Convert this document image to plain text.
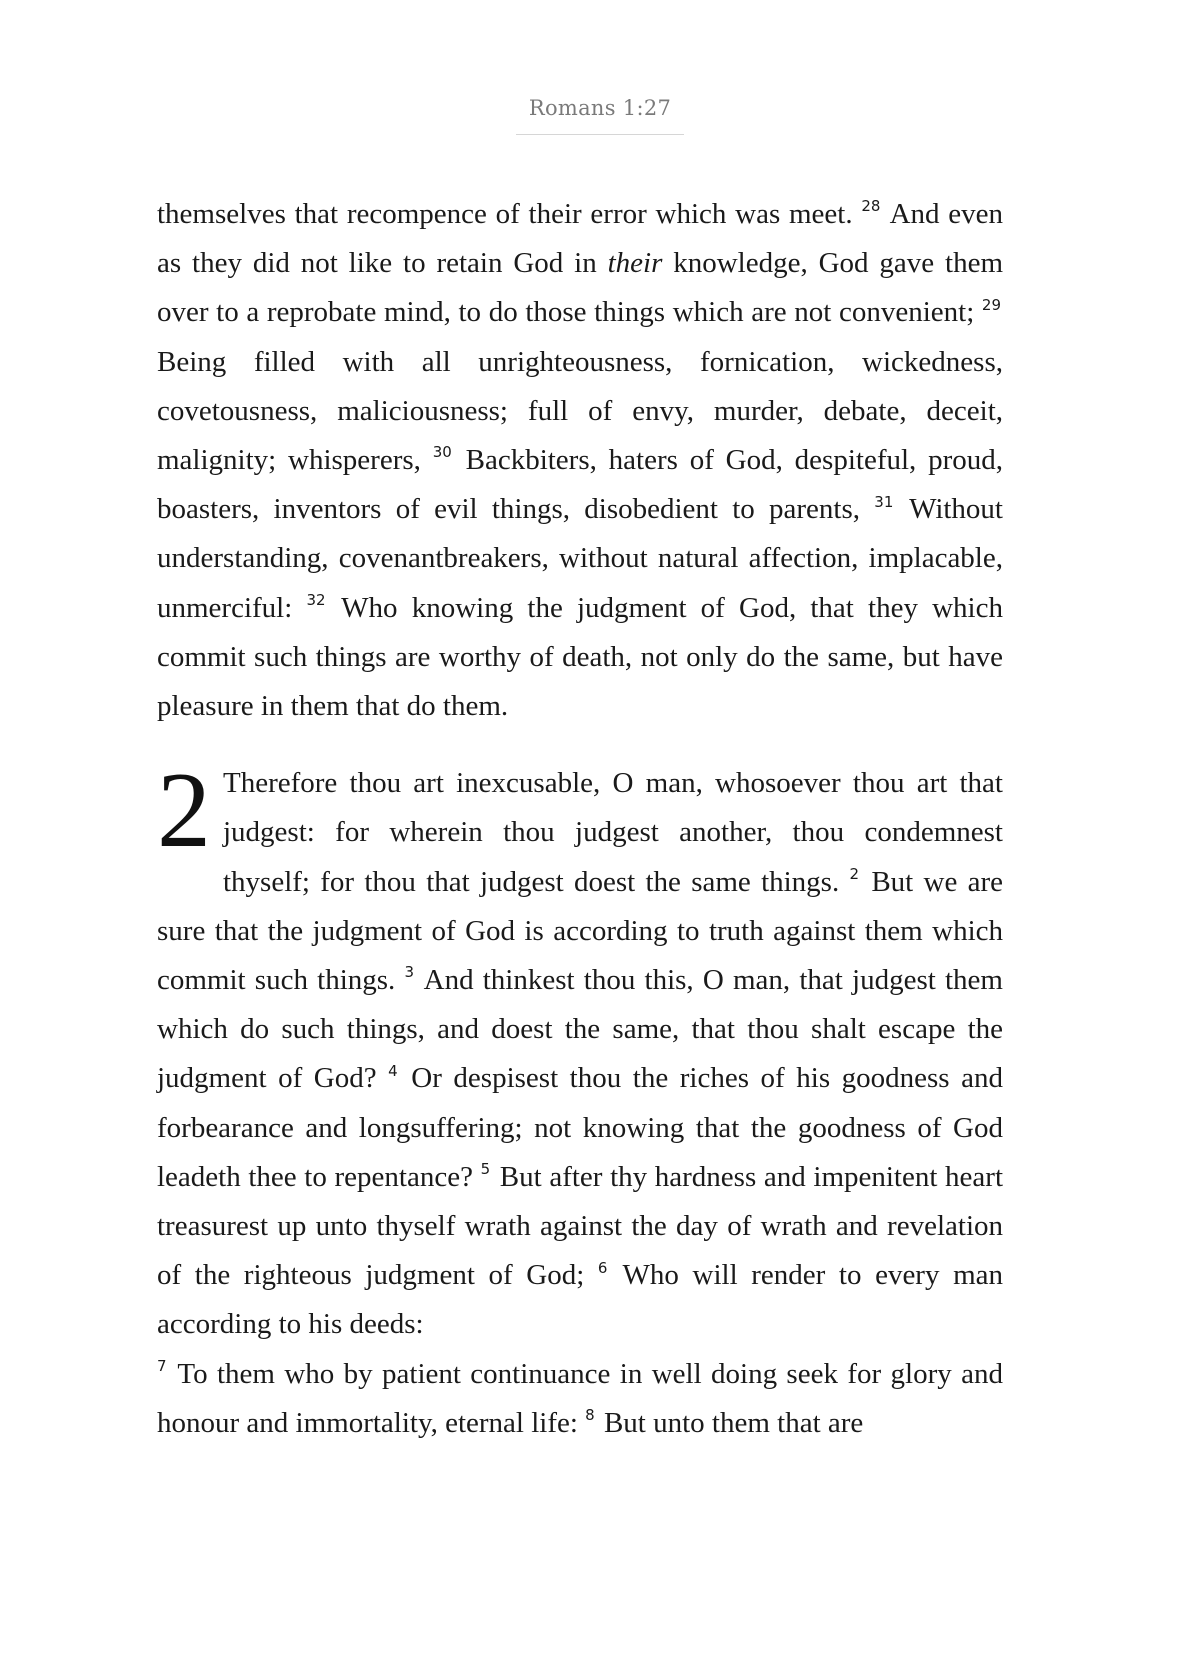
Romans 1:27

themselves that recompence of their error which was meet. $^{28}$ And even as they did not like to retain God in their knowledge, God gave them over to a reprobate mind, to do those things which are not convenient; $^{29}$ Being filled with all unrighteousness, fornication, wickedness, covetousness, maliciousness; full of envy, murder, debate, deceit, malignity; whisperers, $^{30}$ Backbiters, haters of God, despiteful, proud, boasters, inventors of evil things, disobedient to parents, $^{31}$ Without understanding, covenantbreakers, without natural affection, implacable, unmerciful: $^{32}$ Who knowing the judgment of God, that they which commit such things are worthy of death, not only do the same, but have pleasure in them that do them.

2 Therefore thou art inexcusable, O man, whosoever thou art that judgest: for wherein thou judgest another, thou condemnest thyself; for thou that judgest doest the same things. $^2$ But we are sure that the judgment of God is according to truth against them which commit such things. $^3$ And thinkest thou this, O man, that judgest them which do such things, and doest the same, that thou shalt escape the judgment of God? $^4$ Or despisest thou the riches of his goodness and forbearance and longsuffering; not knowing that the goodness of God leadeth thee to repentance? $^5$ But after thy hardness and impenitent heart treasurest up unto thyself wrath against the day of wrath and revelation of the righteous judgment of God; $^6$ Who will render to every man according to his deeds:
$^7$ To them who by patient continuance in well doing seek for glory and honour and immortality, eternal life: $^8$ But unto them that are
